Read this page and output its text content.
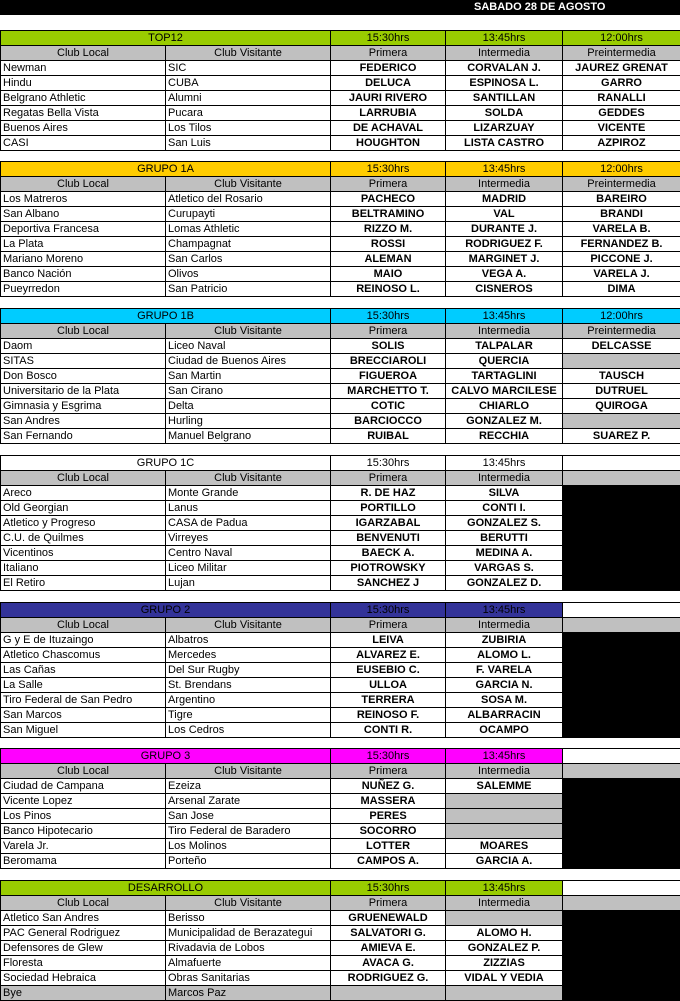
SABADO 28 DE AGOSTO
TOP12		15:30hrs	13:45hrs	12:00hrs
Club Local	Club Visitante	Primera	Intermedia	Preintermedia
Newman	SIC	FEDERICO	CORVALAN J.	JAUREZ GRENAT
Hindu	CUBA	DELUCA	ESPINOSA L.	GARRO
Belgrano Athletic	Alumni	JAURI RIVERO	SANTILLAN	RANALLI
Regatas Bella Vista	Pucara	LARRUBIA	SOLDA	GEDDES
Buenos Aires	Los Tilos	DE ACHAVAL	LIZARZUAY	VICENTE
CASI	San Luis	HOUGHTON	LISTA CASTRO	AZPIROZ
GRUPO 1A		15:30hrs	13:45hrs	12:00hrs
Club Local	Club Visitante	Primera	Intermedia	Preintermedia
Los Matreros	Atletico del Rosario	PACHECO	MADRID	BAREIRO
San Albano	Curupayti	BELTRAMINO	VAL	BRANDI
Deportiva Francesa	Lomas Athletic	RIZZO M.	DURANTE J.	VARELA B.
La Plata	Champagnat	ROSSI	RODRIGUEZ F.	FERNANDEZ B.
Mariano Moreno	San Carlos	ALEMAN	MARGINET J.	PICCONE J.
Banco Nación	Olivos	MAIO	VEGA A.	VARELA J.
Pueyrredon	San Patricio	REINOSO L.	CISNEROS	DIMA
GRUPO 1B		15:30hrs	13:45hrs	12:00hrs
Club Local	Club Visitante	Primera	Intermedia	Preintermedia
Daom	Liceo Naval	SOLIS	TALPALAR	DELCASSE
SITAS	Ciudad de Buenos Aires	BRECCIAROLI	QUERCIA	
Don Bosco	San Martin	FIGUEROA	TARTAGLINI	TAUSCH
Universitario de la Plata	San Cirano	MARCHETTO T.	CALVO MARCILESE	DUTRUEL
Gimnasia y Esgrima	Delta	COTIC	CHIARLO	QUIROGA
San Andres	Hurling	BARCIOCCO	GONZALEZ M.	
San Fernando	Manuel Belgrano	RUIBAL	RECCHIA	SUAREZ P.
GRUPO 1C		15:30hrs	13:45hrs	
Club Local	Club Visitante	Primera	Intermedia	
Areco	Monte Grande	R. DE HAZ	SILVA	
Old Georgian	Lanus	PORTILLO	CONTI I.	
Atletico y Progreso	CASA de Padua	IGARZABAL	GONZALEZ S.	
C.U. de Quilmes	Virreyes	BENVENUTI	BERUTTI	
Vicentinos	Centro Naval	BAECK A.	MEDINA A.	
Italiano	Liceo Militar	PIOTROWSKY	VARGAS S.	
El Retiro	Lujan	SANCHEZ J	GONZALEZ D.	
GRUPO 2		15:30hrs	13:45hrs	
Club Local	Club Visitante	Primera	Intermedia	
G y E de Ituzaingo	Albatros	LEIVA	ZUBIRIA	
Atletico Chascomus	Mercedes	ALVAREZ E.	ALOMO L.	
Las Cañas	Del Sur Rugby	EUSEBIO C.	F. VARELA	
La Salle	St. Brendans	ULLOA	GARCIA N.	
Tiro Federal de San Pedro	Argentino	TERRERA	SOSA M.	
San Marcos	Tigre	REINOSO F.	ALBARRACIN	
San Miguel	Los Cedros	CONTI R.	OCAMPO	
GRUPO 3		15:30hrs	13:45hrs	
Club Local	Club Visitante	Primera	Intermedia	
Ciudad de Campana	Ezeiza	NUÑEZ G.	SALEMME	
Vicente Lopez	Arsenal Zarate	MASSERA		
Los Pinos	San Jose	PERES		
Banco Hipotecario	Tiro Federal de Baradero	SOCORRO		
Varela Jr.	Los Molinos	LOTTER	MOARES	
Beromama	Porteño	CAMPOS A.	GARCIA A.	
DESARROLLO		15:30hrs	13:45hrs	
Club Local	Club Visitante	Primera	Intermedia	
Atletico San Andres	Berisso	GRUENEWALD		
PAC General Rodriguez	Municipalidad de Berazategui	SALVATORI G.	ALOMO H.	
Defensores de Glew	Rivadavia de Lobos	AMIEVA E.	GONZALEZ P.	
Floresta	Almafuerte	AVACA G.	ZIZZIAS	
Sociedad Hebraica	Obras Sanitarias	RODRIGUEZ G.	VIDAL Y VEDIA	
Bye	Marcos Paz			
